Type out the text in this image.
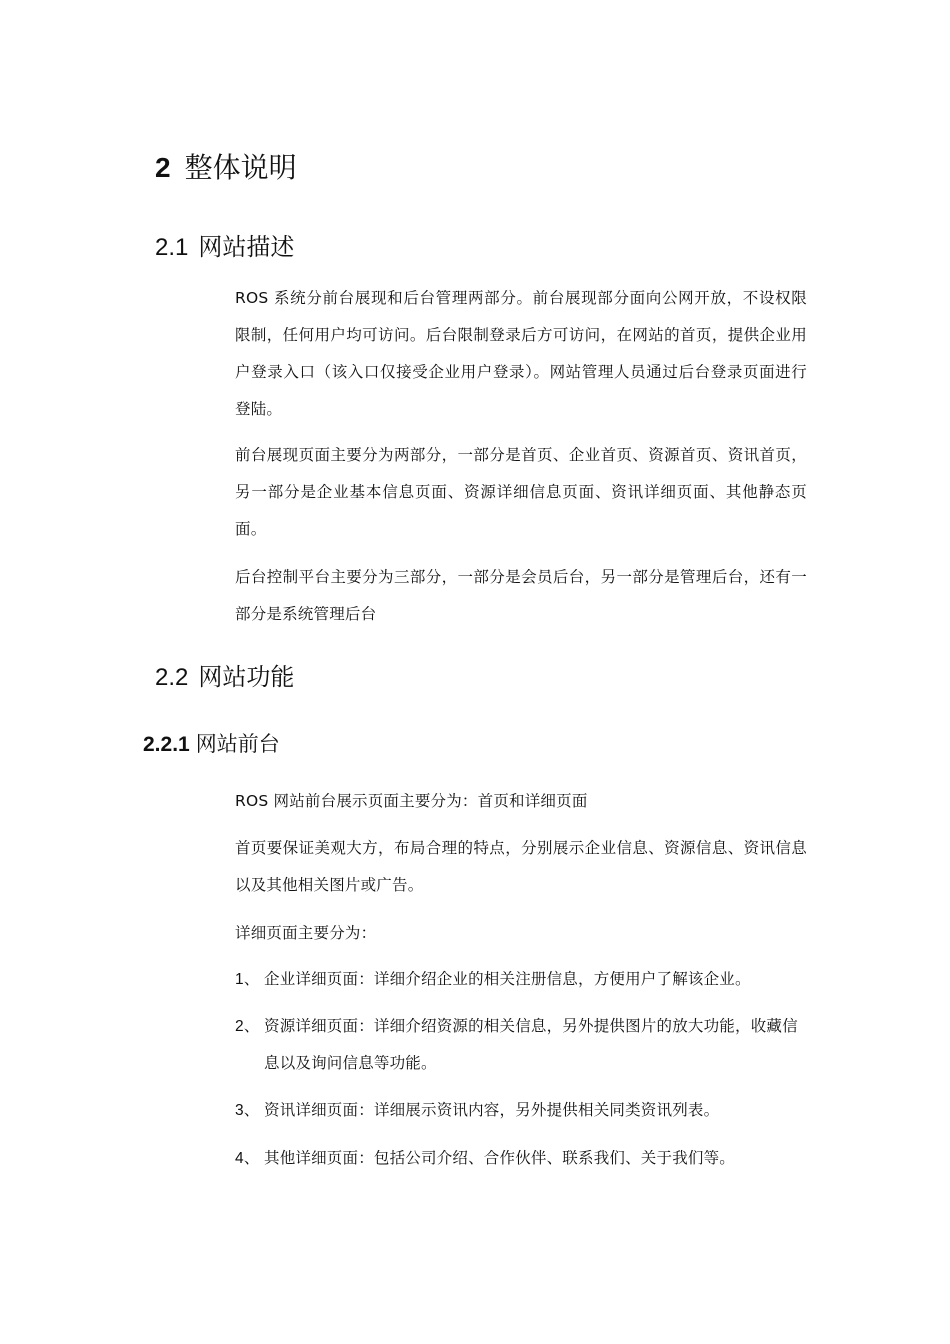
2 整体说明
2.1 网站描述

ROS 系统分前台展现和后台管理两部分。前台展现部分面向公网开放，不设权限限制，任何用户均可访问。后台限制登录后方可访问，在网站的首页，提供企业用户登录入口（该入口仅接受企业用户登录）。网站管理人员通过后台登录页面进行登陆。

前台展现页面主要分为两部分，一部分是首页、企业首页、资源首页、资讯首页，另一部分是企业基本信息页面、资源详细信息页面、资讯详细页面、其他静态页面。

后台控制平台主要分为三部分，一部分是会员后台，另一部分是管理后台，还有一部分是系统管理后台

2.2 网站功能
2.2.1 网站前台

ROS 网站前台展示页面主要分为：首页和详细页面

首页要保证美观大方，布局合理的特点，分别展示企业信息、资源信息、资讯信息以及其他相关图片或广告。

详细页面主要分为：

1、 企业详细页面：详细介绍企业的相关注册信息，方便用户了解该企业。
2、 资源详细页面：详细介绍资源的相关信息，另外提供图片的放大功能，收藏信息以及询问信息等功能。
3、 资讯详细页面：详细展示资讯内容，另外提供相关同类资讯列表。
4、 其他详细页面：包括公司介绍、合作伙伴、联系我们、关于我们等。
